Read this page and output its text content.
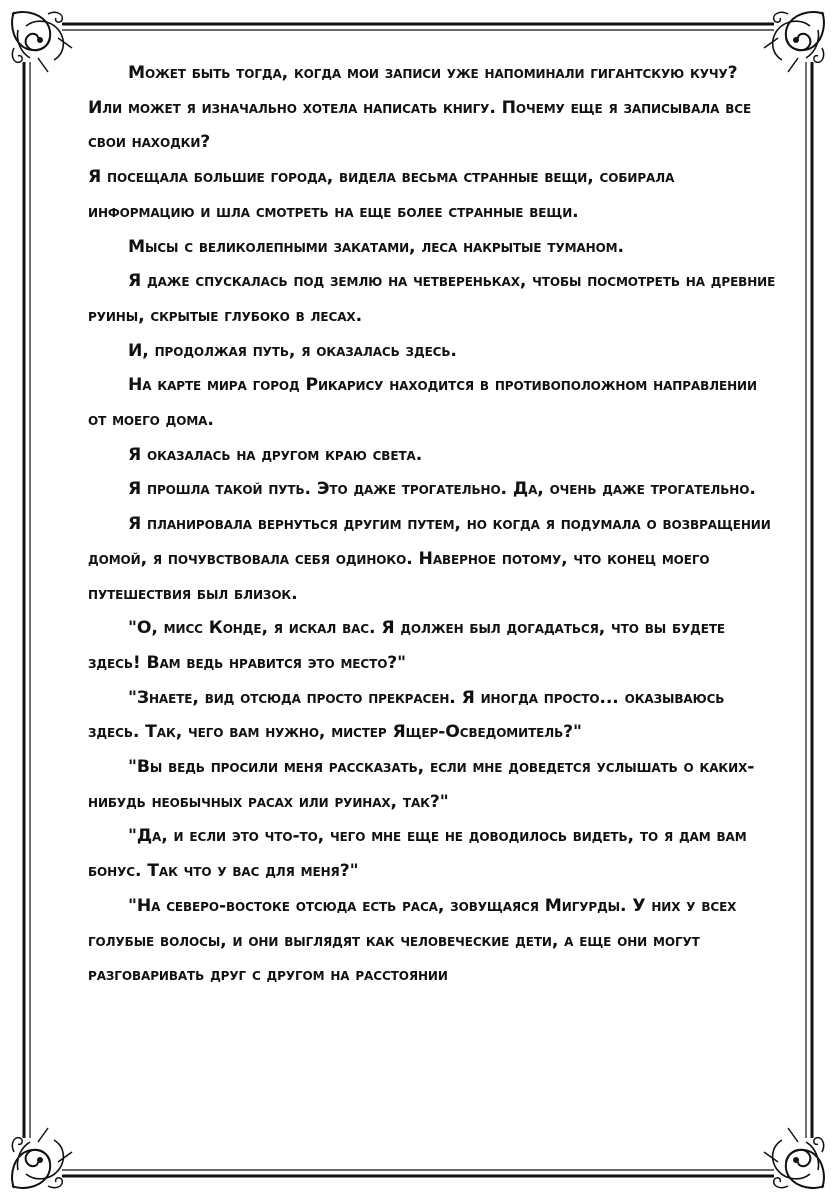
Может быть тогда, когда мои записи уже напоминали гигантскую кучу?

Или может я изначально хотела написать книгу. Почему еще я записывала все свои находки?

Я посещала большие города, видела весьма странные вещи, собирала информацию и шла смотреть на еще более странные вещи.

Мысы с великолепными закатами, леса накрытые туманом.

Я даже спускалась под землю на четвереньках, чтобы посмотреть на древние руины, скрытые глубоко в лесах.

И, продолжая путь, я оказалась здесь.

На карте мира город Рикарису находится в противоположном направлении от моего дома.

Я оказалась на другом краю света.

Я прошла такой путь. Это даже трогательно. Да, очень даже трогательно.

Я планировала вернуться другим путем, но когда я подумала о возвращении домой, я почувствовала себя одиноко. Наверное потому, что конец моего путешествия был близок.

"О, мисс Конде, я искал вас. Я должен был догадаться, что вы будете здесь! Вам ведь нравится это место?"

"Знаете, вид отсюда просто прекрасен. Я иногда просто... оказываюсь здесь. Так, чего вам нужно, мистер Ящер-Осведомитель?"

"Вы ведь просили меня рассказать, если мне доведется услышать о каких-нибудь необычных расах или руинах, так?"

"Да, и если это что-то, чего мне еще не доводилось видеть, то я дам вам бонус. Так что у вас для меня?"

"На северо-востоке отсюда есть раса, зовущаяся Мигурды. У них у всех голубые волосы, и они выглядят как человеческие дети, а еще они могут разговаривать друг с другом на расстоянии
